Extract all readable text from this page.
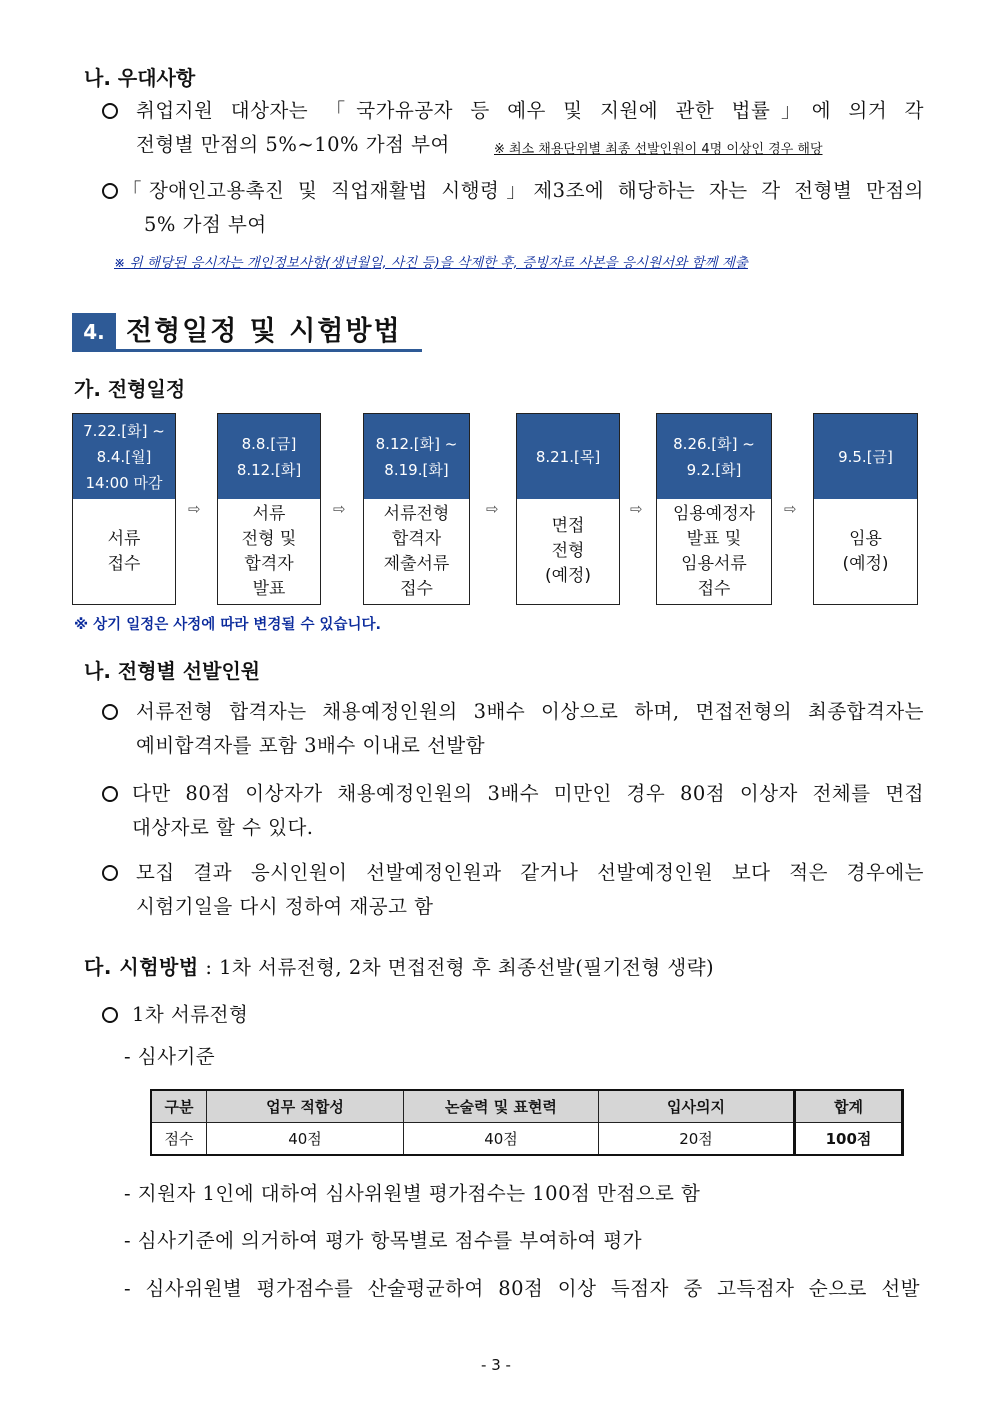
나. 우대사항
취업지원 대상자는 「국가유공자 등 예우 및 지원에 관한 법률」에 의거 각
전형별 만점의 5%~10% 가점 부여	※ 최소 채용단위별 최종 선발인원이 4명 이상인 경우 해당
「장애인고용촉진 및 직업재활법 시행령」제3조에 해당하는 자는 각 전형별 만점의
5% 가점 부여
※ 위 해당된 응시자는 개인정보사항(생년월일, 사진 등)을 삭제한 후, 증빙자료 사본을 응시원서와 함께 제출
4. 전형일정 및 시험방법
가. 전형일정
7.22.[화] ~
8.4.[월]
14:00 마감
서류
접수
⇨
8.8.[금]
8.12.[화]
서류
전형 및
합격자
발표
⇨
8.12.[화] ~
8.19.[화]
서류전형
합격자
제출서류
접수
⇨
8.21.[목]
면접
전형
(예정)
⇨
8.26.[화] ~
9.2.[화]
임용예정자
발표 및
임용서류
접수
⇨
9.5.[금]
임용
(예정)
※ 상기 일정은 사정에 따라 변경될 수 있습니다.
나. 전형별 선발인원
서류전형 합격자는 채용예정인원의 3배수 이상으로 하며, 면접전형의 최종합격자는
예비합격자를 포함 3배수 이내로 선발함
다만 80점 이상자가 채용예정인원의 3배수 미만인 경우 80점 이상자 전체를 면접
대상자로 할 수 있다.
모집 결과 응시인원이 선발예정인원과 같거나 선발예정인원 보다 적은 경우에는
시험기일을 다시 정하여 재공고 함
다. 시험방법 : 1차 서류전형, 2차 면접전형 후 최종선발(필기전형 생략)
1차 서류전형
- 심사기준
구분	업무 적합성	논술력 및 표현력	입사의지	합계
점수	40점	40점	20점	100점
- 지원자 1인에 대하여 심사위원별 평가점수는 100점 만점으로 함
- 심사기준에 의거하여 평가 항목별로 점수를 부여하여 평가
- 심사위원별 평가점수를 산술평균하여 80점 이상 득점자 중 고득점자 순으로 선발
- 3 -
